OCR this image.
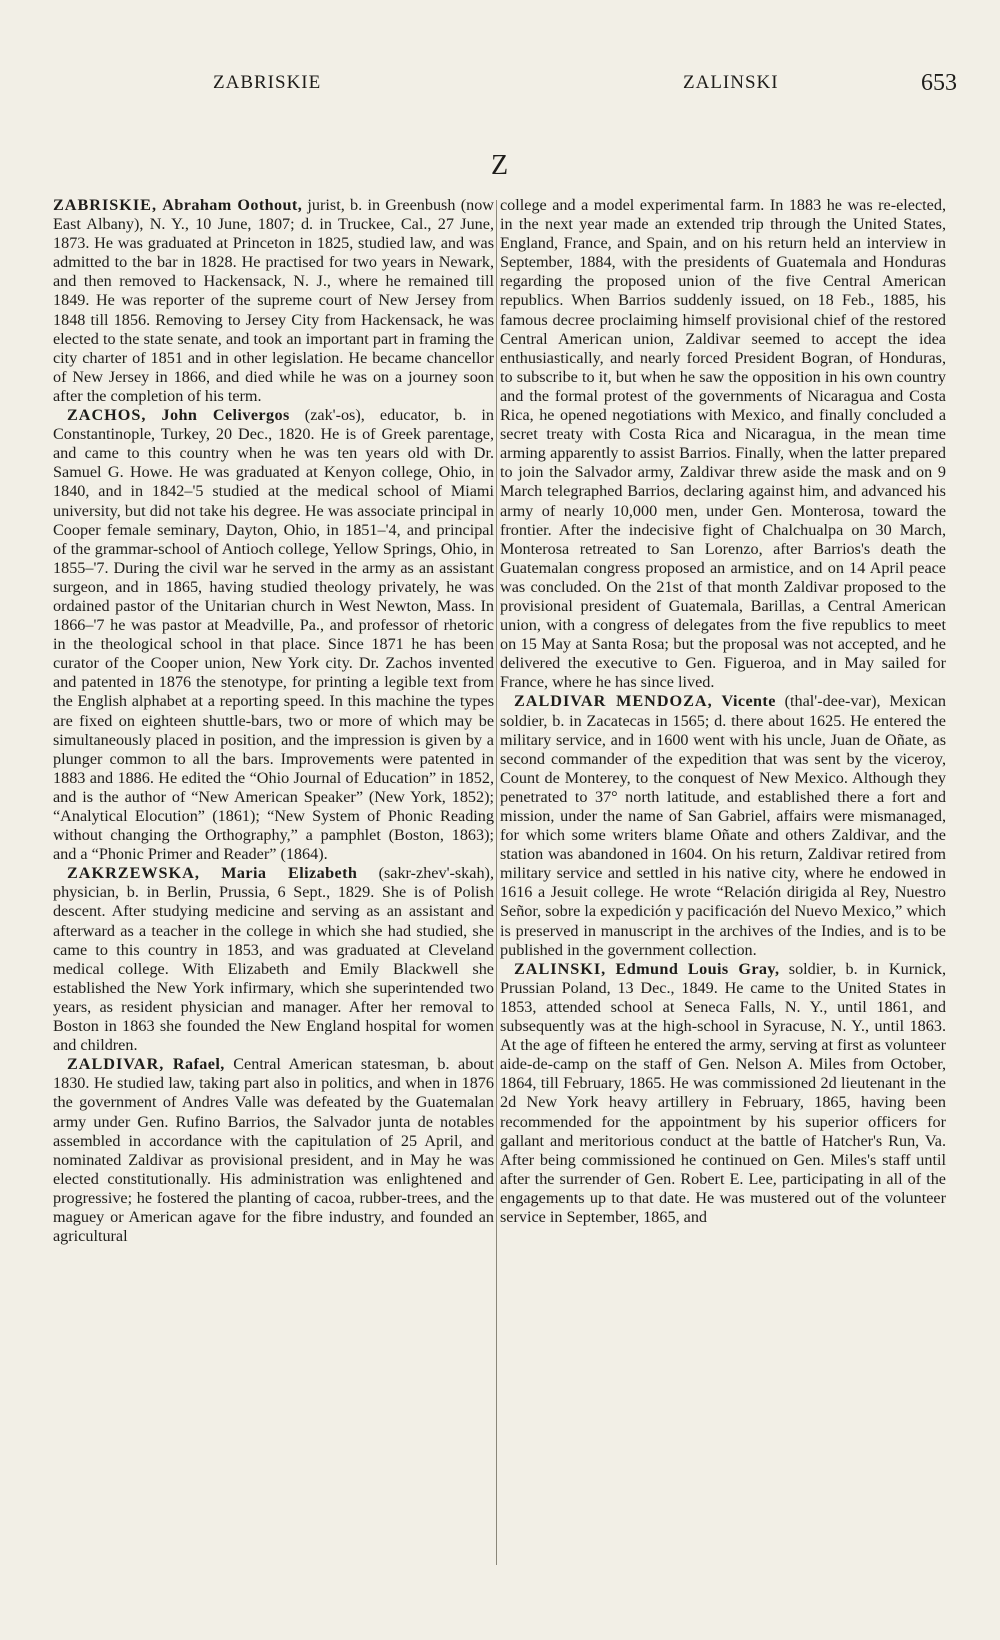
ZABRISKIE	ZALINSKI	653
Z

ZABRISKIE, Abraham Oothout, jurist, b. in Greenbush (now East Albany), N. Y., 10 June, 1807; d. in Truckee, Cal., 27 June, 1873. He was graduated at Princeton in 1825, studied law, and was admitted to the bar in 1828. He practised for two years in Newark, and then removed to Hackensack, N. J., where he remained till 1849. He was reporter of the supreme court of New Jersey from 1848 till 1856. Removing to Jersey City from Hackensack, he was elected to the state senate, and took an important part in framing the city charter of 1851 and in other legislation. He became chancellor of New Jersey in 1866, and died while he was on a journey soon after the completion of his term.

ZACHOS, John Celivergos (zak'-os), educator, b. in Constantinople, Turkey, 20 Dec., 1820. He is of Greek parentage, and came to this country when he was ten years old with Dr. Samuel G. Howe. He was graduated at Kenyon college, Ohio, in 1840, and in 1842–'5 studied at the medical school of Miami university, but did not take his degree. He was associate principal in Cooper female seminary, Dayton, Ohio, in 1851–'4, and principal of the grammar-school of Antioch college, Yellow Springs, Ohio, in 1855–'7. During the civil war he served in the army as an assistant surgeon, and in 1865, having studied theology privately, he was ordained pastor of the Unitarian church in West Newton, Mass. In 1866–'7 he was pastor at Meadville, Pa., and professor of rhetoric in the theological school in that place. Since 1871 he has been curator of the Cooper union, New York city. Dr. Zachos invented and patented in 1876 the stenotype, for printing a legible text from the English alphabet at a reporting speed. In this machine the types are fixed on eighteen shuttle-bars, two or more of which may be simultaneously placed in position, and the impression is given by a plunger common to all the bars. Improvements were patented in 1883 and 1886. He edited the “Ohio Journal of Education” in 1852, and is the author of “New American Speaker” (New York, 1852); “Analytical Elocution” (1861); “New System of Phonic Reading without changing the Orthography,” a pamphlet (Boston, 1863); and a “Phonic Primer and Reader” (1864).

ZAKRZEWSKA, Maria Elizabeth (sakr-zhev'-skah), physician, b. in Berlin, Prussia, 6 Sept., 1829. She is of Polish descent. After studying medicine and serving as an assistant and afterward as a teacher in the college in which she had studied, she came to this country in 1853, and was graduated at Cleveland medical college. With Elizabeth and Emily Blackwell she established the New York infirmary, which she superintended two years, as resident physician and manager. After her removal to Boston in 1863 she founded the New England hospital for women and children.

ZALDIVAR, Rafael, Central American statesman, b. about 1830. He studied law, taking part also in politics, and when in 1876 the government of Andres Valle was defeated by the Guatemalan army under Gen. Rufino Barrios, the Salvador junta de notables assembled in accordance with the capitulation of 25 April, and nominated Zaldivar as provisional president, and in May he was elected constitutionally. His administration was enlightened and progressive; he fostered the planting of cacoa, rubber-trees, and the maguey or American agave for the fibre industry, and founded an agricultural

college and a model experimental farm. In 1883 he was re-elected, in the next year made an extended trip through the United States, England, France, and Spain, and on his return held an interview in September, 1884, with the presidents of Guatemala and Honduras regarding the proposed union of the five Central American republics. When Barrios suddenly issued, on 18 Feb., 1885, his famous decree proclaiming himself provisional chief of the restored Central American union, Zaldivar seemed to accept the idea enthusiastically, and nearly forced President Bogran, of Honduras, to subscribe to it, but when he saw the opposition in his own country and the formal protest of the governments of Nicaragua and Costa Rica, he opened negotiations with Mexico, and finally concluded a secret treaty with Costa Rica and Nicaragua, in the mean time arming apparently to assist Barrios. Finally, when the latter prepared to join the Salvador army, Zaldivar threw aside the mask and on 9 March telegraphed Barrios, declaring against him, and advanced his army of nearly 10,000 men, under Gen. Monterosa, toward the frontier. After the indecisive fight of Chalchualpa on 30 March, Monterosa retreated to San Lorenzo, after Barrios's death the Guatemalan congress proposed an armistice, and on 14 April peace was concluded. On the 21st of that month Zaldivar proposed to the provisional president of Guatemala, Barillas, a Central American union, with a congress of delegates from the five republics to meet on 15 May at Santa Rosa; but the proposal was not accepted, and he delivered the executive to Gen. Figueroa, and in May sailed for France, where he has since lived.

ZALDIVAR MENDOZA, Vicente (thal'-dee-var), Mexican soldier, b. in Zacatecas in 1565; d. there about 1625. He entered the military service, and in 1600 went with his uncle, Juan de Oñate, as second commander of the expedition that was sent by the viceroy, Count de Monterey, to the conquest of New Mexico. Although they penetrated to 37° north latitude, and established there a fort and mission, under the name of San Gabriel, affairs were mismanaged, for which some writers blame Oñate and others Zaldivar, and the station was abandoned in 1604. On his return, Zaldivar retired from military service and settled in his native city, where he endowed in 1616 a Jesuit college. He wrote “Relación dirigida al Rey, Nuestro Señor, sobre la expedición y pacificación del Nuevo Mexico,” which is preserved in manuscript in the archives of the Indies, and is to be published in the government collection.

ZALINSKI, Edmund Louis Gray, soldier, b. in Kurnick, Prussian Poland, 13 Dec., 1849. He came to the United States in 1853, attended school at Seneca Falls, N. Y., until 1861, and subsequently was at the high-school in Syracuse, N. Y., until 1863. At the age of fifteen he entered the army, serving at first as volunteer aide-de-camp on the staff of Gen. Nelson A. Miles from October, 1864, till February, 1865. He was commissioned 2d lieutenant in the 2d New York heavy artillery in February, 1865, having been recommended for the appointment by his superior officers for gallant and meritorious conduct at the battle of Hatcher's Run, Va. After being commissioned he continued on Gen. Miles's staff until after the surrender of Gen. Robert E. Lee, participating in all of the engagements up to that date. He was mustered out of the volunteer service in September, 1865, and
